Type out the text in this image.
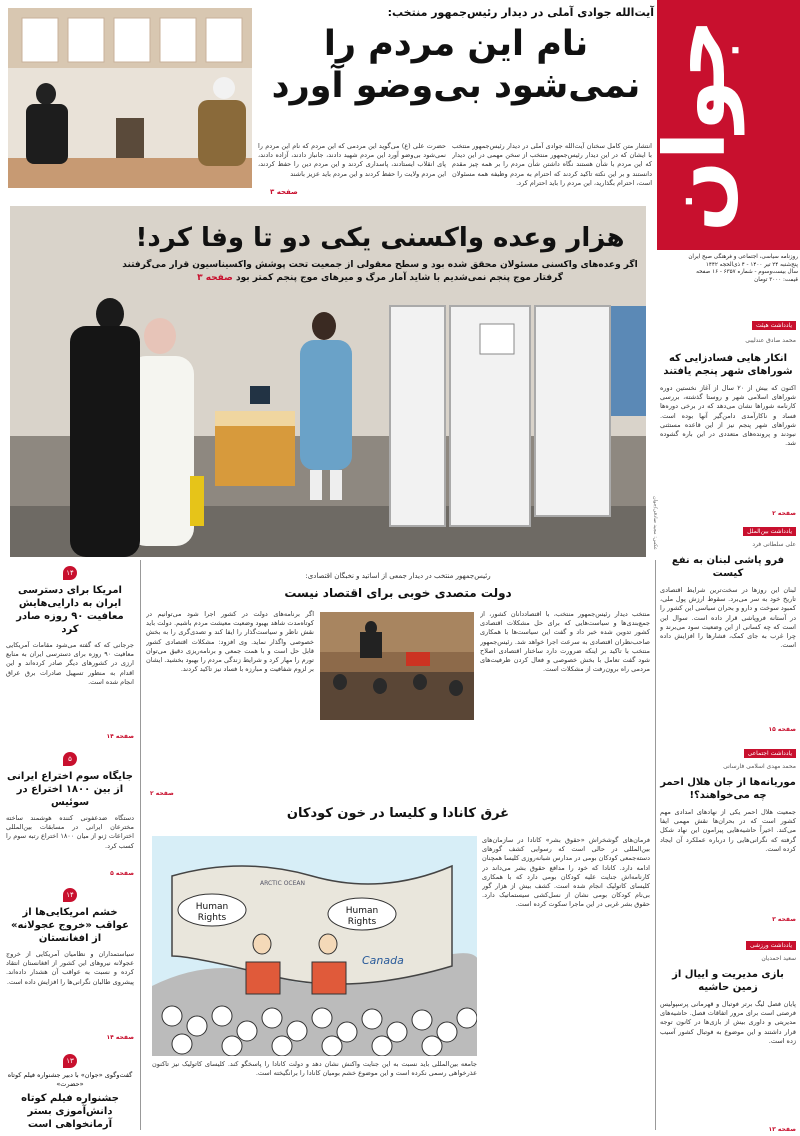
جوان
روزنامه سیاسی، اجتماعی و فرهنگی صبح ایران
پنج‌شنبه ۲۴ تیر ۱۴۰۰ - ۴ ذی‌الحجه ۱۴۴۲
سال بیست‌وسوم - شماره ۶۳۵۷ - ۱۶ صفحه
قیمت: ۳۰۰۰ تومان
آیت‌الله جوادی آملی در دیدار رئیس‌جمهور منتخب:
نام این مردم را
نمی‌شود بی‌وضو آورد
انتشار متن کامل سخنان آیت‌الله جوادی آملی در دیدار رئیس‌جمهور منتخب با ایشان که در این دیدار رئیس‌جمهور منتخب از سخن مهمی در این دیدار که این مردم با شأن هستند نگاه داشتن شأن مردم را بر همه چیز مقدم دانستند و بر این نکته تاکید کردند که احترام به مردم وظیفه همه مسئولان است، احترام بگذارید، این مردم را باید احترام کرد.
حضرت علی (ع) می‌گوید این مردمی که این مردم که نام این مردم را نمی‌شود بی‌وضو آورد این مردم شهید دادند، جانباز دادند، آزاده دادند، پای انقلاب ایستادند، پاسداری کردند و این مردم دین را حفظ کردند، این مردم ولایت را حفظ کردند و این مردم باید عزیز باشند
صفحه ۳
هزار وعده واکسنی یکی دو تا وفا کرد!
اگر وعده‌های واکسنی مسئولان محقق شده بود و سطح معقولی از جمعیت تحت پوشش واکسیناسیون قرار می‌گرفتند
گرفتار موج پنجم نمی‌شدیم با شاید آمار مرگ و میرهای موج پنجم کمتر بود صفحه ۳
عکس: مجید صادقی/جوان
یادداشت هیئت
محمد صادق عندلیبی
انکار هایی فسادزایی که شوراهای شهر پنجم یافتند
اکنون که بیش از ۲۰ سال از آغاز نخستین دوره شوراهای اسلامی شهر و روستا گذشته، بررسی کارنامه شوراها نشان می‌دهد که در برخی دوره‌ها فساد و ناکارآمدی دامن‌گیر آنها بوده است. شوراهای شهر پنجم نیز از این قاعده مستثنی نبودند و پرونده‌های متعددی در این باره گشوده شد.
صفحه ۲
یادداشت بین‌الملل
علی سلطانی فرد
فرو پاشی لبنان به نفع کیست
لبنان این روزها در سخت‌ترین شرایط اقتصادی تاریخ خود به سر می‌برد. سقوط ارزش پول ملی، کمبود سوخت و دارو و بحران سیاسی این کشور را در آستانه فروپاشی قرار داده است. سوال این است که چه کسانی از این وضعیت سود می‌برند و چرا غرب به جای کمک، فشارها را افزایش داده است.
صفحه ۱۵
یادداشت اجتماعی
محمد مهدی اسلامی فارسانی
موریانه‌ها از جان هلال احمر چه می‌خواهند؟!
جمعیت هلال احمر یکی از نهادهای امدادی مهم کشور است که در بحران‌ها نقش مهمی ایفا می‌کند. اخیراً حاشیه‌هایی پیرامون این نهاد شکل گرفته که نگرانی‌هایی را درباره عملکرد آن ایجاد کرده است.
صفحه ۳
یادداشت ورزشی
سعید احمدیان
بازی مدیریت و اییال از زمین حاشیه
پایان فصل لیگ برتر فوتبال و قهرمانی پرسپولیس فرصتی است برای مرور اتفاقات فصل. حاشیه‌های مدیریتی و داوری بیش از بازی‌ها در کانون توجه قرار داشتند و این موضوع به فوتبال کشور آسیب زده است.
صفحه ۱۳
۱۴
امریکا برای دسترسی ایران به دارایی‌هایش معافیت ۹۰ روزه صادر کرد
جرجانی که که گفته می‌شود مقامات آمریکایی معافیت ۹۰ روزه برای دسترسی ایران به منابع ارزی در کشورهای دیگر صادر کرده‌اند و این اقدام به منظور تسهیل صادرات برق عراق انجام شده است.
صفحه ۱۴
۵
جایگاه سوم اختراع ایرانی از بین ۱۸۰۰ اختراع در سوئیس
دستگاه ضدعفونی کننده هوشمند ساخته مخترعان ایرانی در مسابقات بین‌المللی اختراعات ژنو از میان ۱۸۰۰ اختراع رتبه سوم را کسب کرد.
صفحه ۵
۱۴
خشم امریکایی‌ها از عواقب «خروج عجولانه» از افغانستان
سیاستمداران و نظامیان آمریکایی از خروج عجولانه نیروهای این کشور از افغانستان انتقاد کرده و نسبت به عواقب آن هشدار داده‌اند. پیشروی طالبان نگرانی‌ها را افزایش داده است.
صفحه ۱۴
۱۳
گفت‌وگوی «جوان» با دبیر جشنواره فیلم کوتاه «حضرت»
جشنواره فیلم کوتاه دانش‌آموزی بستر آرمانخواهی است
رئیس‌جمهور منتخب در دیدار جمعی از اساتید و نخبگان اقتصادی:
دولت متصدی خوبی برای اقتصاد نیست
منتخب دیدار رئیس‌جمهور منتخب، با اقتصاددانان کشور، از جمع‌بندی‌ها و سیاست‌هایی که برای حل مشکلات اقتصادی کشور تدوین شده خبر داد و گفت این سیاست‌ها با همکاری صاحب‌نظران اقتصادی به سرعت اجرا خواهد شد. رئیس‌جمهور منتخب با تاکید بر اینکه ضرورت دارد ساختار اقتصادی اصلاح شود گفت تعامل با بخش خصوصی و فعال کردن ظرفیت‌های مردمی راه برون‌رفت از مشکلات است.
اگر برنامه‌های دولت در کشور اجرا شود می‌توانیم در کوتاه‌مدت شاهد بهبود وضعیت معیشت مردم باشیم. دولت باید نقش ناظر و سیاست‌گذار را ایفا کند و تصدی‌گری را به بخش خصوصی واگذار نماید. وی افزود: مشکلات اقتصادی کشور قابل حل است و با همت جمعی و برنامه‌ریزی دقیق می‌توان تورم را مهار کرد و شرایط زندگی مردم را بهبود بخشید. ایشان بر لزوم شفافیت و مبارزه با فساد نیز تاکید کردند.
صفحه ۲
غرق کانادا و کلیسا در خون کودکان
Human Rights
Human Rights
Canada
ARCTIC OCEAN
فرمان‌های گوشخراش «حقوق بشر» کانادا در سازمان‌های بین‌المللی در حالی است که رسوایی کشف گورهای دسته‌جمعی کودکان بومی در مدارس شبانه‌روزی کلیسا همچنان ادامه دارد. کانادا که خود را مدافع حقوق بشر می‌داند در کارنامه‌اش جنایت علیه کودکان بومی دارد که با همکاری کلیسای کاتولیک انجام شده است. کشف بیش از هزار گور بی‌نام کودکان بومی نشان از نسل‌کشی سیستماتیک دارد. حقوق بشر غربی در این ماجرا سکوت کرده است.
جامعه بین‌المللی باید نسبت به این جنایت واکنش نشان دهد و دولت کانادا را پاسخگو کند. کلیسای کاتولیک نیز تاکنون عذرخواهی رسمی نکرده است و این موضوع خشم بومیان کانادا را برانگیخته است.
